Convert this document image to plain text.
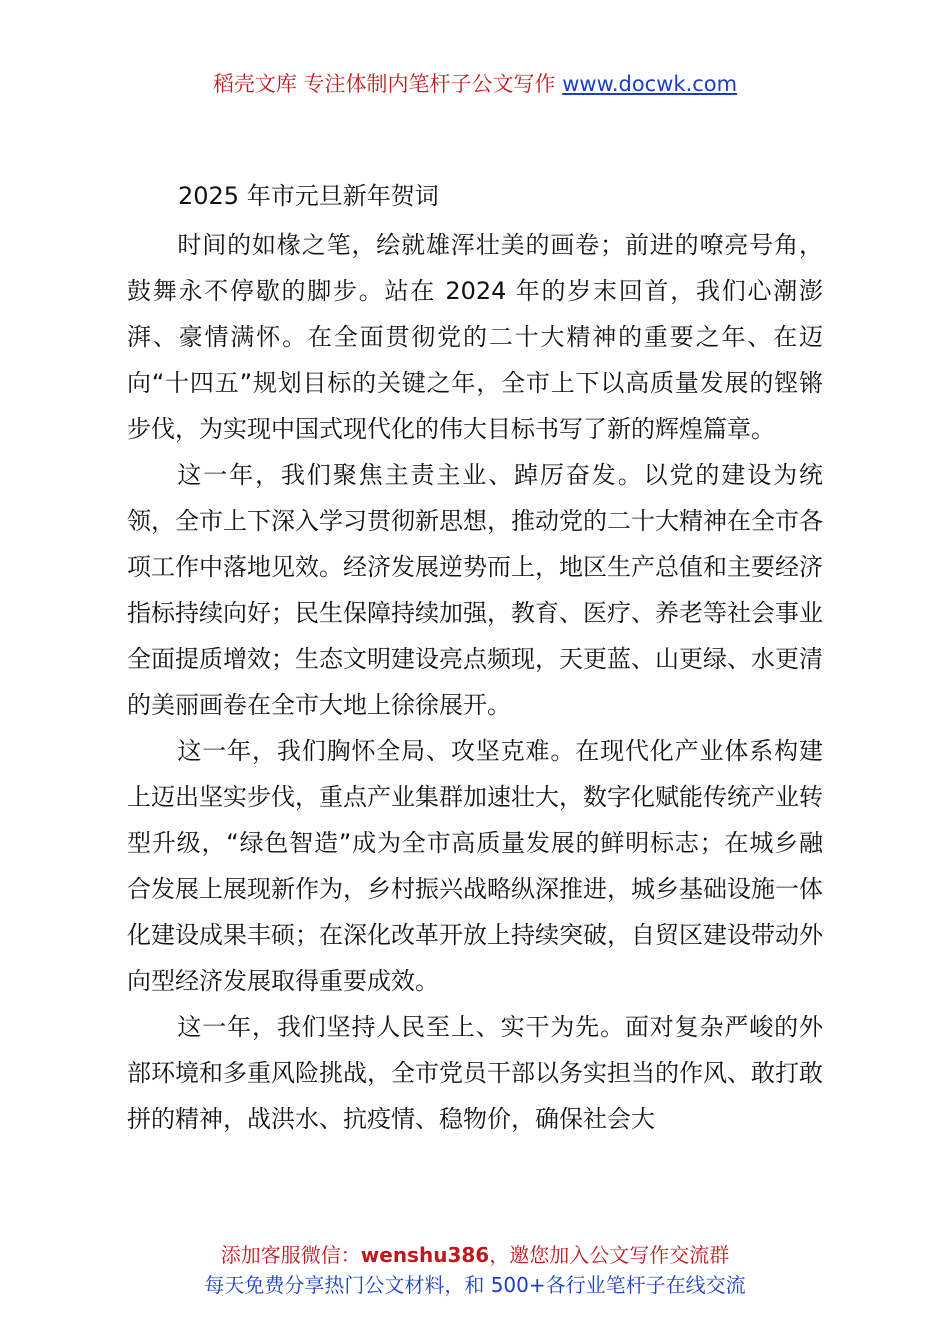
稻壳文库 专注体制内笔杆子公文写作 www.docwk.com
2025 年市元旦新年贺词

时间的如椽之笔，绘就雄浑壮美的画卷；前进的嘹亮号角，鼓舞永不停歇的脚步。站在 2024 年的岁末回首，我们心潮澎湃、豪情满怀。在全面贯彻党的二十大精神的重要之年、在迈向“十四五”规划目标的关键之年，全市上下以高质量发展的铿锵步伐，为实现中国式现代化的伟大目标书写了新的辉煌篇章。

这一年，我们聚焦主责主业、踔厉奋发。以党的建设为统领，全市上下深入学习贯彻新思想，推动党的二十大精神在全市各项工作中落地见效。经济发展逆势而上，地区生产总值和主要经济指标持续向好；民生保障持续加强，教育、医疗、养老等社会事业全面提质增效；生态文明建设亮点频现，天更蓝、山更绿、水更清的美丽画卷在全市大地上徐徐展开。

这一年，我们胸怀全局、攻坚克难。在现代化产业体系构建上迈出坚实步伐，重点产业集群加速壮大，数字化赋能传统产业转型升级，“绿色智造”成为全市高质量发展的鲜明标志；在城乡融合发展上展现新作为，乡村振兴战略纵深推进，城乡基础设施一体化建设成果丰硕；在深化改革开放上持续突破，自贸区建设带动外向型经济发展取得重要成效。

这一年，我们坚持人民至上、实干为先。面对复杂严峻的外部环境和多重风险挑战，全市党员干部以务实担当的作风、敢打敢拼的精神，战洪水、抗疫情、稳物价，确保社会大

添加客服微信：wenshu386，邀您加入公文写作交流群
每天免费分享热门公文材料，和 500+各行业笔杆子在线交流
